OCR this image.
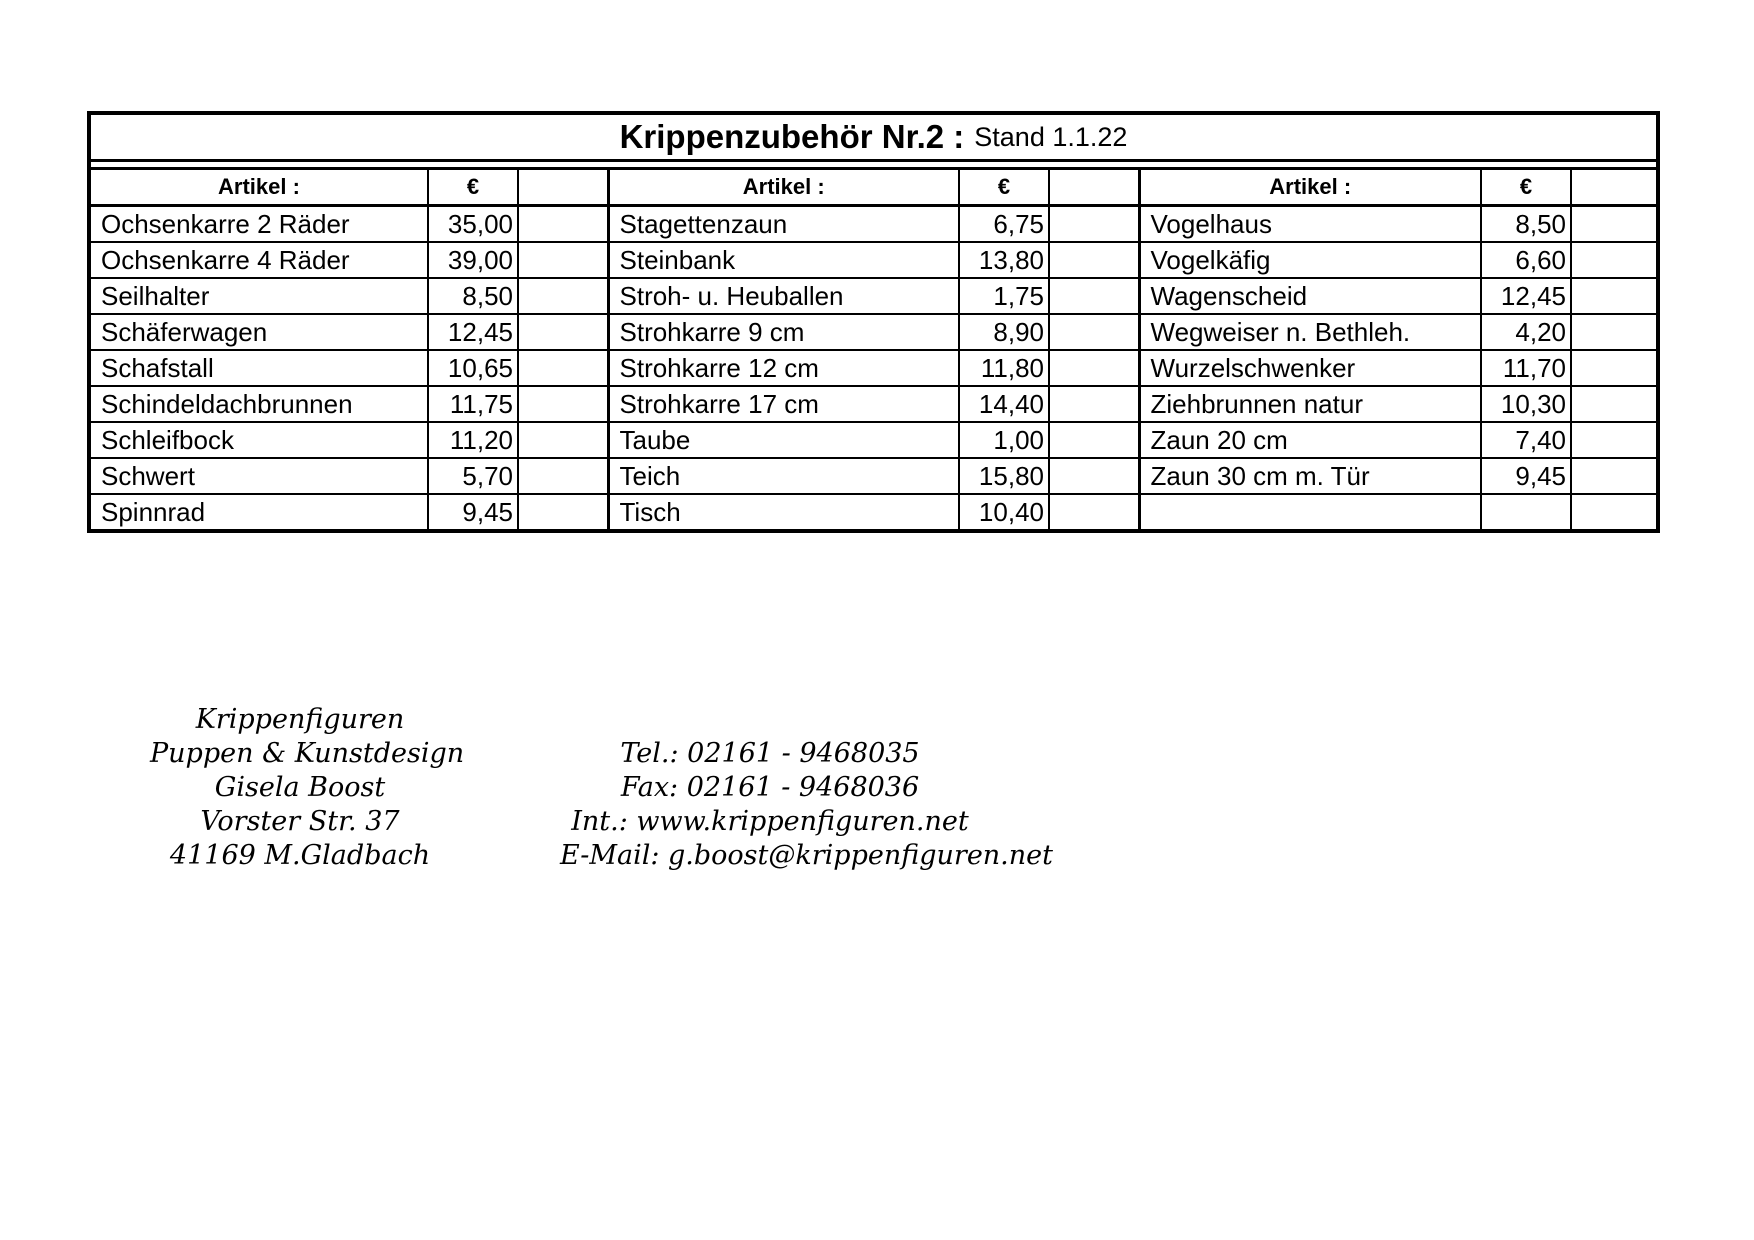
Krippenzubehör Nr.2 : Stand 1.1.22
Artikel :	€		Artikel :	€		Artikel :	€	
Ochsenkarre 2 Räder	35,00		Stagettenzaun	6,75		Vogelhaus	8,50	
Ochsenkarre 4 Räder	39,00		Steinbank	13,80		Vogelkäfig	6,60	
Seilhalter	8,50		Stroh- u. Heuballen	1,75		Wagenscheid	12,45	
Schäferwagen	12,45		Strohkarre 9 cm	8,90		Wegweiser n. Bethleh.	4,20	
Schafstall	10,65		Strohkarre 12 cm	11,80		Wurzelschwenker	11,70	
Schindeldachbrunnen	11,75		Strohkarre 17 cm	14,40		Ziehbrunnen natur	10,30	
Schleifbock	11,20		Taube	1,00		Zaun 20 cm	7,40	
Schwert	5,70		Teich	15,80		Zaun 30 cm m. Tür	9,45	
Spinnrad	9,45		Tisch	10,40				
Krippenfiguren
Puppen & Kunstdesign
Gisela Boost
Vorster Str. 37
41169 M.Gladbach
Tel.: 02161 - 9468035
Fax: 02161 - 9468036
Int.: www.krippenfiguren.net
E-Mail: g.boost@krippenfiguren.net
